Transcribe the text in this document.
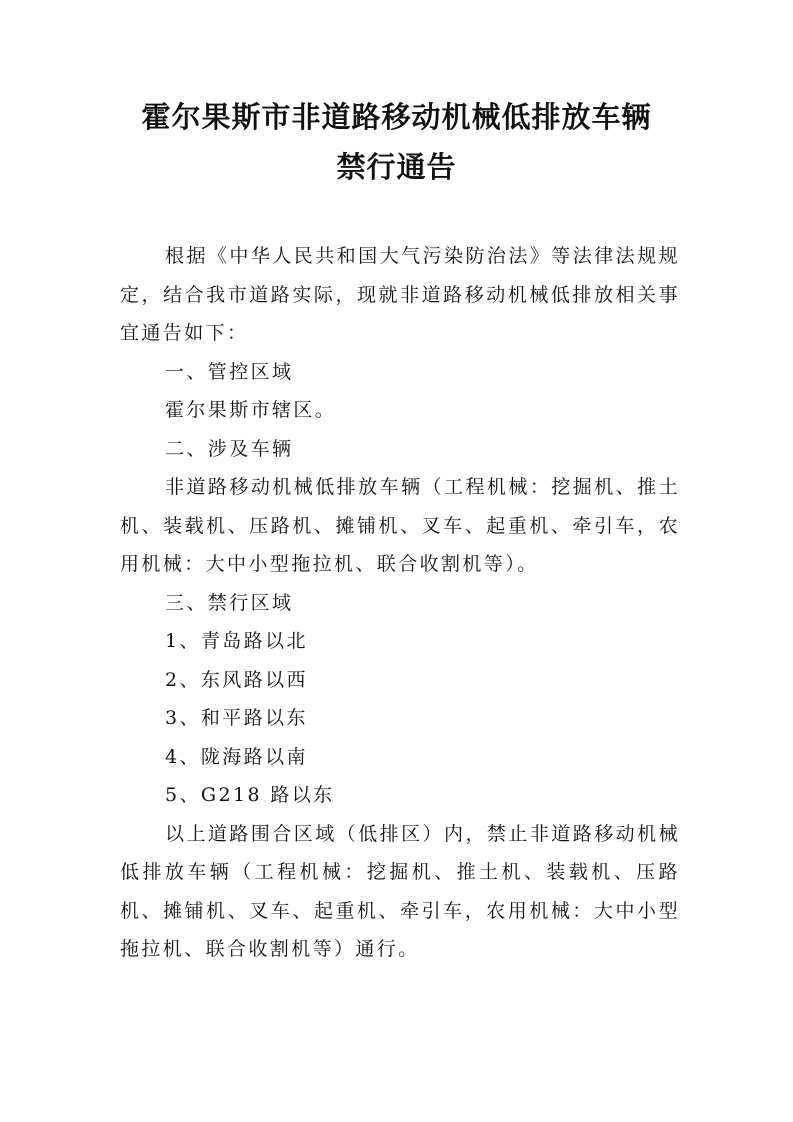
霍尔果斯市非道路移动机械低排放车辆
禁行通告

根据《中华人民共和国大气污染防治法》等法律法规规定，结合我市道路实际，现就非道路移动机械低排放相关事宜通告如下：

一、管控区域

霍尔果斯市辖区。

二、涉及车辆

非道路移动机械低排放车辆（工程机械：挖掘机、推土机、装载机、压路机、摊铺机、叉车、起重机、牵引车，农用机械：大中小型拖拉机、联合收割机等）。

三、禁行区域

1、青岛路以北

2、东风路以西

3、和平路以东

4、陇海路以南

5、G218 路以东

以上道路围合区域（低排区）内，禁止非道路移动机械低排放车辆（工程机械：挖掘机、推土机、装载机、压路机、摊铺机、叉车、起重机、牵引车，农用机械：大中小型拖拉机、联合收割机等）通行。
